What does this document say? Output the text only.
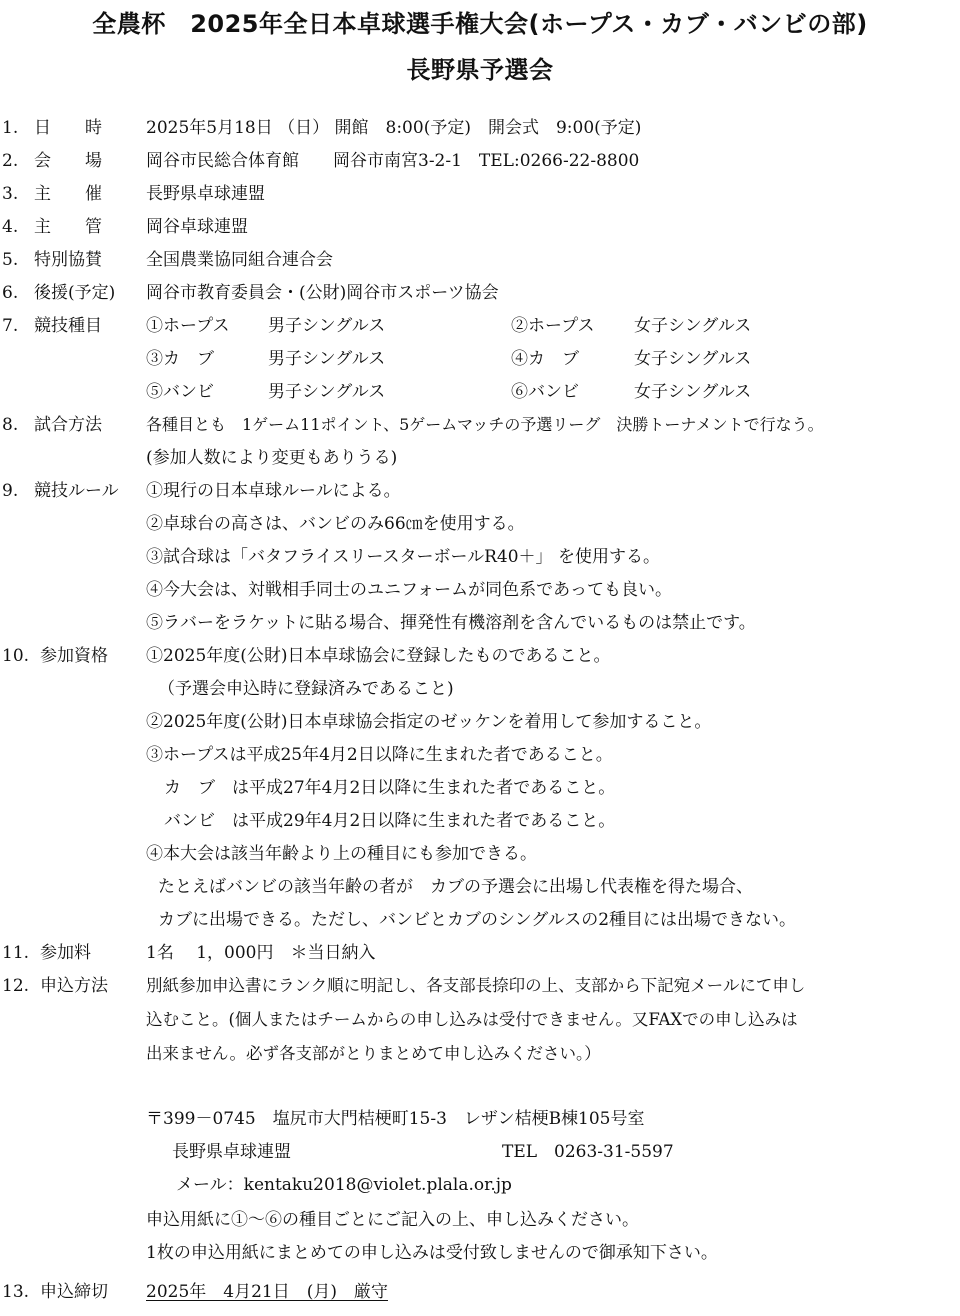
全農杯　2025年全日本卓球選手権大会(ホープス・カブ・バンビの部)
長野県予選会
1. 日　　時	2025年5月18日 （日） 開館　8:00(予定)　開会式　9:00(予定)
2. 会　　場	岡谷市民総合体育館　　岡谷市南宮3-2-1　TEL:0266-22-8800
3. 主　　催	長野県卓球連盟
4. 主　　管	岡谷卓球連盟
5. 特別協賛	全国農業協同組合連合会
6. 後援(予定) 岡谷市教育委員会・(公財)岡谷市スポーツ協会
7. 競技種目	①ホープス 男子シングルス	②ホープス 女子シングルス
③カ　ブ	男子シングルス	④カ　ブ	女子シングルス
⑤バンビ	男子シングルス	⑥バンビ	女子シングルス
8. 試合方法	各種目とも　1ゲーム11ポイント、5ゲームマッチの予選リーグ　決勝トーナメントで行なう。
(参加人数により変更もありうる)
9. 競技ルール ①現行の日本卓球ルールによる。
②卓球台の高さは、バンビのみ66㎝を使用する。
③試合球は「バタフライスリースターボールR40＋」 を使用する。
④今大会は、対戦相手同士のユニフォームが同色系であっても良い。
⑤ラバーをラケットに貼る場合、揮発性有機溶剤を含んでいるものは禁止です。
10. 参加資格 ①2025年度(公財)日本卓球協会に登録したものであること。
（予選会申込時に登録済みであること)
②2025年度(公財)日本卓球協会指定のゼッケンを着用して参加すること。
③ホープスは平成25年4月2日以降に生まれた者であること。
カ　ブ　は平成27年4月2日以降に生まれた者であること。
バンビ　は平成29年4月2日以降に生まれた者であること。
④本大会は該当年齢より上の種目にも参加できる。
たとえばバンビの該当年齢の者が　カブの予選会に出場し代表権を得た場合、
カブに出場できる。ただし、バンビとカブのシングルスの2種目には出場できない。
11. 参加料	1名　 1，000円　＊当日納入
12. 申込方法 別紙参加申込書にランク順に明記し、各支部長捺印の上、支部から下記宛メールにて申し
込むこと。(個人またはチームからの申し込みは受付できません。又FAXでの申し込みは
出来ません。必ず各支部がとりまとめて申し込みください。）
〒399－0745　塩尻市大門桔梗町15-3　レザン桔梗B棟105号室
長野県卓球連盟	TEL　0263-31-5597
メール：kentaku2018@violet.plala.or.jp
申込用紙に①～⑥の種目ごとにご記入の上、申し込みください。
1枚の申込用紙にまとめての申し込みは受付致しませんので御承知下さい。
13. 申込締切 2025年　4月21日　(月)　厳守
